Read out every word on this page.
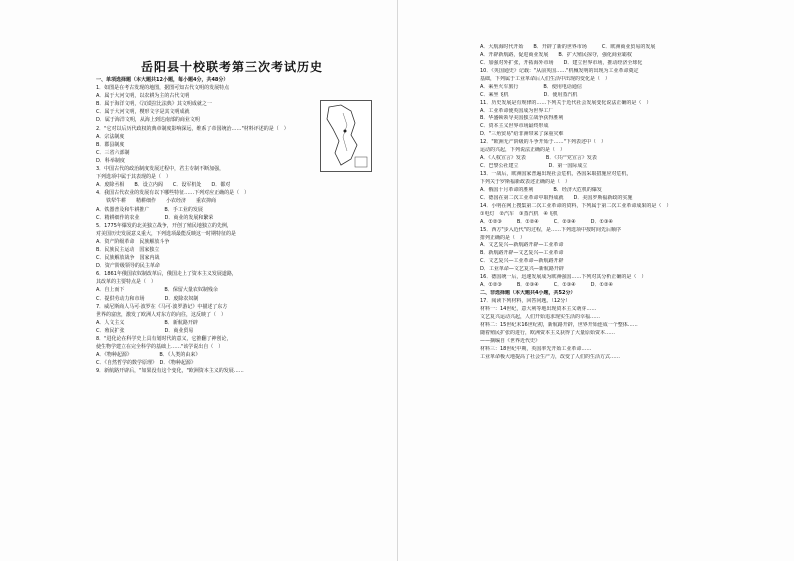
岳阳县十校联考第三次考试历史
一、单项选择题（本大题共12小题，每小题4分，共48分）
1．如图是在考古发现的地图，据图可知古代文明的发展特点
A．属于大河文明，以农耕为主的古代文明
B．属于海洋文明，《汉谟拉比法典》其文明成就之一
C．属于大河文明，楔形文字是其文明成就
D．属于海洋文明，从海上到达南部的商业文明
2．"它对以后历代政权的典章制度影响深远，维系了帝国统治……"材料评述的是（　）
A．宗法制度
B．郡县制度
C．三省六部制
D．科举制度
3．中国古代的政治制度发展过程中，君主专制不断加强，
下列选项中属于其表现的是（　）
A．废除丞相　　B．设立内阁　　C．设军机处　　D．都对
4．我国古代农业的发展有以下哪些特征……下列对应正确的是（　）
　　铁犁牛耕　　精耕细作　　小农经济　　重农抑商
A．铁器普及和牛耕推广　　　B．手工业的发展
C．精耕细作的农业　　　　　D．商业的发展和繁荣
5．1775年爆发的北美独立战争，开创了殖民地独立的先例，
对美国历史发展意义重大，下列选项最能反映这一时期特征的是
A．资产阶级革命　民族解放斗争
B．民族民主运动　国家独立
C．民族解放战争　国家内战
D．资产阶级领导的民主革命
6．1861年俄国农奴制改革后，俄国走上了资本主义发展道路，
其改革的主要特点是（　）
A．自上而下　　　　　　　　B．保留大量农奴制残余
C．提供劳动力和市场　　　　D．废除农奴制
7．威尼斯商人马可·波罗在《马可·波罗游记》中描述了东方
世界的富庶，激发了欧洲人对东方的向往，这反映了（　）
A．人文主义　　　　　　　　B．新航路开辟
C．殖民扩张　　　　　　　　D．商业贸易
8．"进化论在科学史上具有划时代的意义，它推翻了神创论，
使生物学建立在完全科学的基础上……"该学说出自（　）
A．《物种起源》　　　　　　B．《人类的由来》
C．《自然哲学的数学原理》　D．《物种起源》
9．新航路开辟后，"如果没有这个变化，"欧洲资本主义的发展……
A．大航海时代开始　　B．开辟了新的世界市场　　　C．欧洲商业贸易的发展
A．开辟新航路，促进商业发展　　B．扩大殖民掠夺，强化商业霸权
C．加强对外扩张，开拓海外市场　　D．建立世界市场，推动经济全球化
10．《英国通史》记载："从前英国……"机械发明的出现为工业革命奠定
基础，下列属于工业革命后人们生活中出现的变化是（　）
A．乘坐火车旅行　　　　　B．使用电话通信
C．乘坐飞机　　　　　　　D．使用蒸汽机
11．历史发展是有规律的……下列关于近代社会发展变化说法正确的是（　）
A．工业革命使英国成为世界工厂
B．华盛顿领导美国独立战争获得胜利
C．资本主义世界市场最终形成
D．"三角贸易"给非洲带来了深重灾难
12．"欧洲无产阶级的斗争开始于……"下列表述中（　）
运动的兴起，下列说法正确的是（　）
A．《人权宣言》发表　　　　B．《共产党宣言》发表
C．巴黎公社建立　　　　　　D．第一国际成立
13．一战后，欧洲国家普遍出现社会危机，各国采取措施应对危机，
下列关于罗斯福新政表述正确的是（　）
A．俄国十月革命的胜利　　　　B．经济大危机的爆发
C．德国在第二次工业革命中取得成就　　D．美国罗斯福新政的实施
14．小明在网上搜集第二次工业革命的资料，下列属于第二次工业革命成果的是（　）
①电灯　②汽车　③蒸汽机　④飞机
A．①②③　　　B．①②④　　　C．②③④　　　D．①③④
15．西方"步入近代"的过程，是……下列选项中按时间先后顺序
排列正确的是（　）
A．文艺复兴—新航路开辟—工业革命
B．新航路开辟—文艺复兴—工业革命
C．文艺复兴—工业革命—新航路开辟
D．工业革命—文艺复兴—新航路开辟
16．德国统一后，迅速发展成为欧洲强国……下列对其分析正确的是（　）
A．①②③　　　B．②③④　　　C．①③④　　　D．①②④
二、非选择题（本大题共4小题，共52分）
17．阅读下列材料，回答问题。（12分）
材料一：14世纪，意大利等地出现资本主义萌芽……
文艺复兴运动兴起，人们开始追求现实生活的幸福……
材料二：15世纪末16世纪初，新航路开辟，世界开始连成一个整体……
随着殖民扩张的进行，欧洲资本主义获得了大量原始资本……
——摘编自《世界近代史》
材料三：18世纪中期，英国率先开始工业革命……
工业革命极大地提高了社会生产力，改变了人们的生活方式……
